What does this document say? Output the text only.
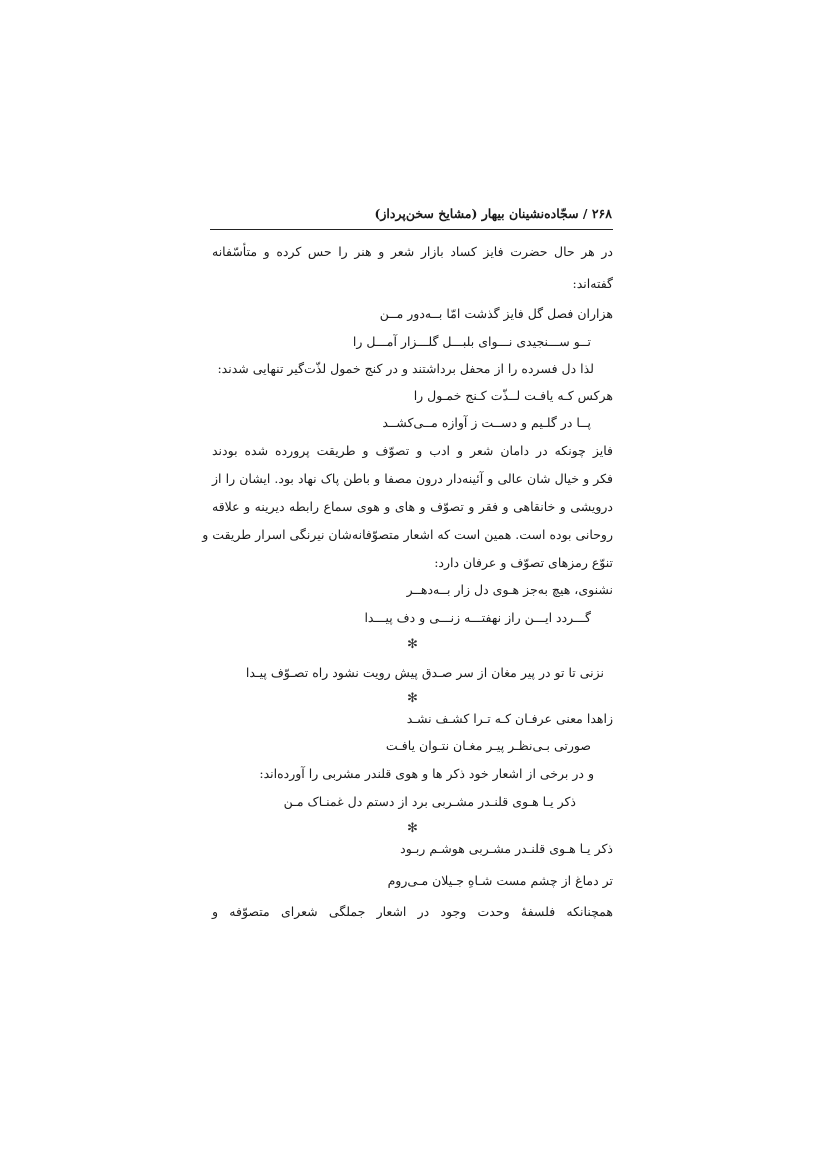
۲۶۸ / سجّاده‌نشینان بیهار (مشایخ سخن‌پرداز)
در هر حال حضرت فایز کساد بازار شعر و هنر را حس کرده و متأسّفانه
گفته‌اند:
هزاران فصل گل فایز گذشت امّا بــه‌دور مــن
تــو ســـنجیدی نـــوای بلبـــل گلـــزار آمـــل را
لذا دل فسرده را از محفل برداشتند و در کنج خمول لذّت‌گیر تنهایی شدند:
هرکس کـه یافـت لــذّت کـنج خمـول را
پــا در گلـیم و دســت ز آوازه مــی‌کشــد
فایز چونکه در دامان شعر و ادب و تصوّف و طریقت پرورده شده بودند
فکر و خیال شان عالی و آئینه‌دار درون مصفا و باطن پاک نهاد بود. ایشان را از
درویشی و خانقاهی و فقر و تصوّف و های و هوی سماع رابطه دیرینه و علاقه
روحانی بوده است. همین است که اشعار متصوّفانه‌شان نیرنگی اسرار طریقت و
تنوّع رمزهای تصوّف و عرفان دارد:
نشنوی، هیچ به‌جز هـوی دل زار بــه‌دهــر
گـــردد ایـــن راز نهفتـــه زنـــی و دف پیـــدا
✻
نزنی تا تو در پیر مغان از سر صـدق پیش رویت نشود راه تصـوّف پیـدا
✻
زاهدا معنی عرفـان کـه تـرا کشـف نشـد
صورتی بـی‌نظـر پیـر مغـان نتـوان یافـت
و در برخی از اشعار خود ذکر ها و هوی قلندر مشربی را آورده‌اند:
ذکر یـا هـوی قلنـدر مشـربی برد از دستم دل غمنـاک مـن
✻
ذکر یـا هـوی قلنـدر مشـربی هوشـم ربـود
تر دماغ از چشم مست شـاهِ جـیلان مـی‌روم
همچنانکه فلسفهٔ وحدت وجود در اشعار جملگی شعرای متصوّفه و
